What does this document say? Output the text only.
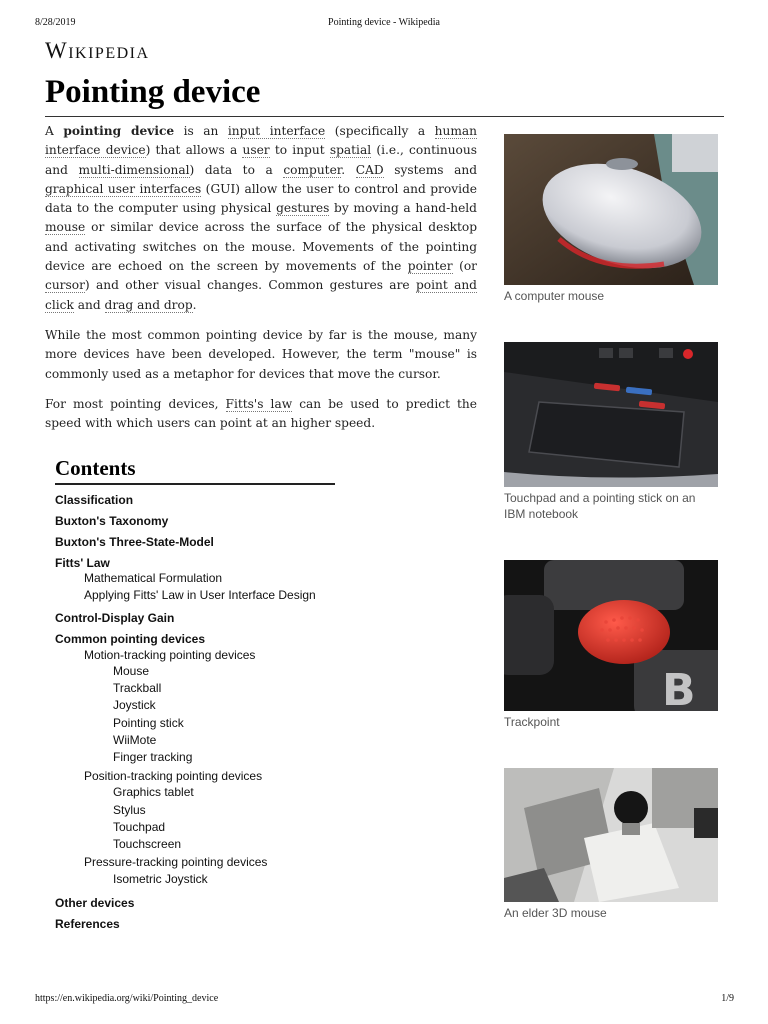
8/28/2019	Pointing device - Wikipedia
Wikipedia
Pointing device

A pointing device is an input interface (specifically a human interface device) that allows a user to input spatial (i.e., continuous and multi-dimensional) data to a computer. CAD systems and graphical user interfaces (GUI) allow the user to control and provide data to the computer using physical gestures by moving a hand-held mouse or similar device across the surface of the physical desktop and activating switches on the mouse. Movements of the pointing device are echoed on the screen by movements of the pointer (or cursor) and other visual changes. Common gestures are point and click and drag and drop.

While the most common pointing device by far is the mouse, many more devices have been developed. However, the term "mouse" is commonly used as a metaphor for devices that move the cursor.

For most pointing devices, Fitts's law can be used to predict the speed with which users can point at an higher speed.

A computer mouse
Touchpad and a pointing stick on an IBM notebook
B
Trackpoint
An elder 3D mouse
Contents
Classification
Buxton's Taxonomy
Buxton's Three-State-Model
Fitts' Law
Mathematical Formulation
Applying Fitts' Law in User Interface Design
Control-Display Gain
Common pointing devices
Motion-tracking pointing devices
Mouse
Trackball
Joystick
Pointing stick
WiiMote
Finger tracking
Position-tracking pointing devices
Graphics tablet
Stylus
Touchpad
Touchscreen
Pressure-tracking pointing devices
Isometric Joystick
Other devices
References
https://en.wikipedia.org/wiki/Pointing_device	1/9
